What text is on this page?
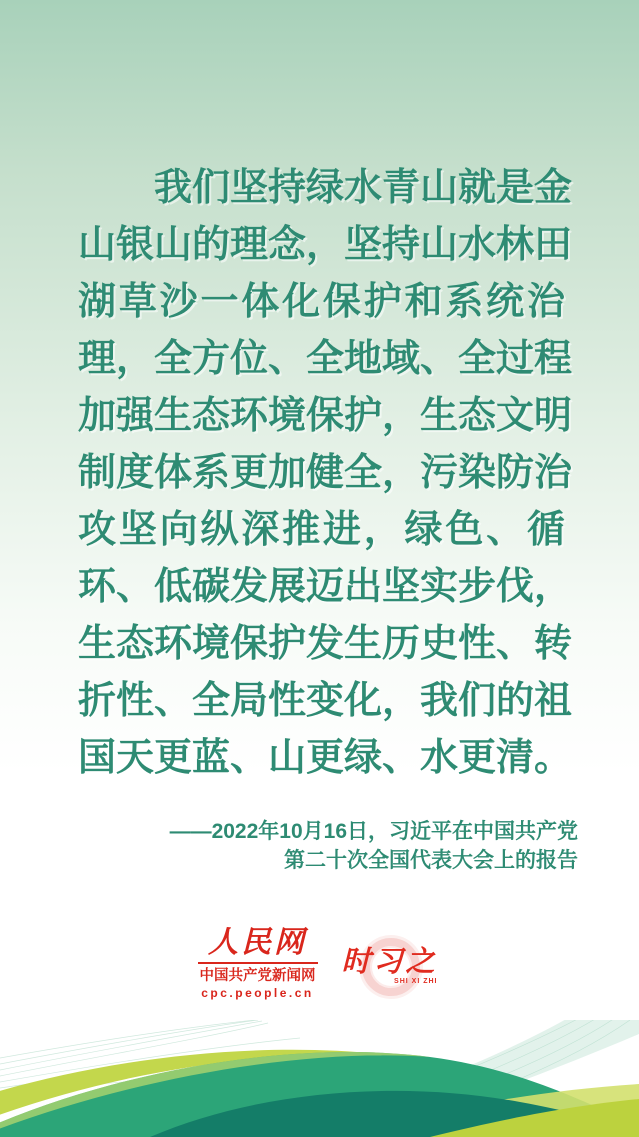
我们坚持绿水青山就是金
山银山的理念，坚持山水林田
湖草沙一体化保护和系统治
理，全方位、全地域、全过程
加强生态环境保护，生态文明
制度体系更加健全，污染防治
攻坚向纵深推进，绿色、循
环、低碳发展迈出坚实步伐，
生态环境保护发生历史性、转
折性、全局性变化，我们的祖
国天更蓝、山更绿、水更清。
——2022年10月16日，习近平在中国共产党
第二十次全国代表大会上的报告
人民网
中国共产党新闻网
cpc.people.cn
时习之
SHI XI ZHI
